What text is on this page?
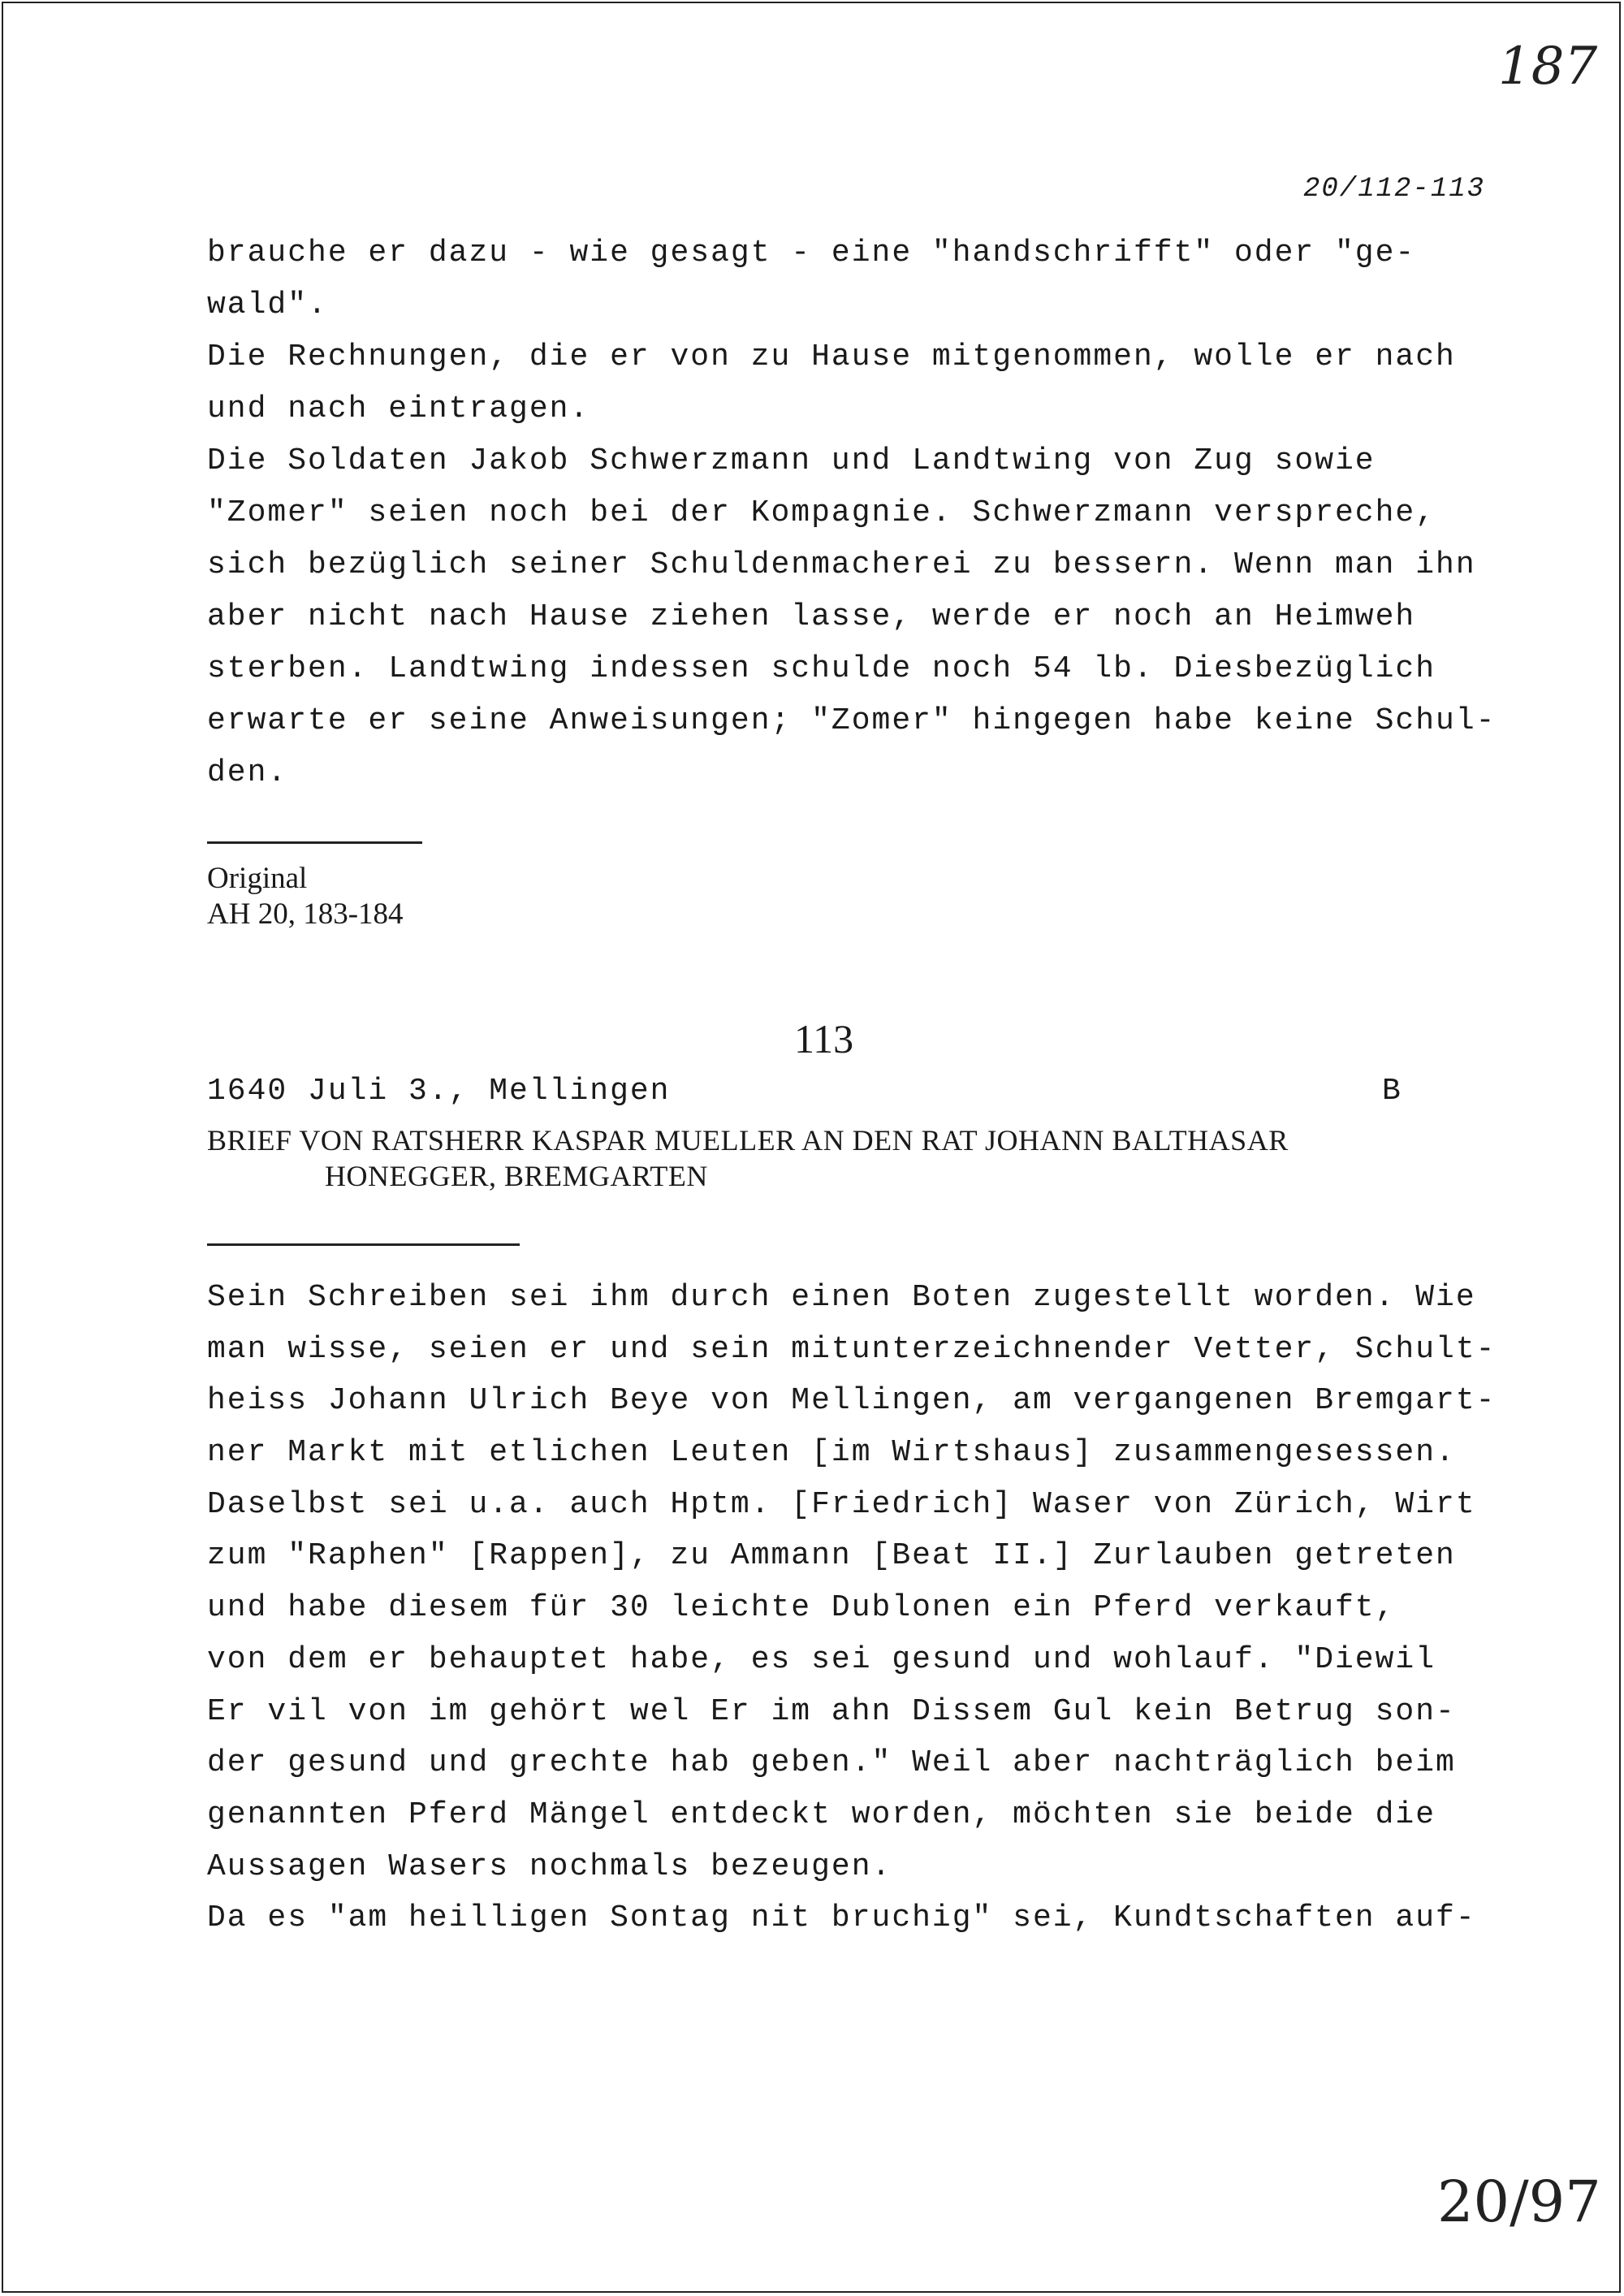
187
20/112-113
brauche er dazu - wie gesagt - eine "handschrifft" oder "ge-
wald".
Die Rechnungen, die er von zu Hause mitgenommen, wolle er nach
und nach eintragen.
Die Soldaten Jakob Schwerzmann und Landtwing von Zug sowie
"Zomer" seien noch bei der Kompagnie. Schwerzmann verspreche,
sich bezüglich seiner Schuldenmacherei zu bessern. Wenn man ihn
aber nicht nach Hause ziehen lasse, werde er noch an Heimweh
sterben. Landtwing indessen schulde noch 54 lb. Diesbezüglich
erwarte er seine Anweisungen; "Zomer" hingegen habe keine Schul-
den.
Original
AH 20, 183-184
113
1640 Juli 3., Mellingen	B
BRIEF VON RATSHERR KASPAR MUELLER AN DEN RAT JOHANN BALTHASAR
HONEGGER, BREMGARTEN
Sein Schreiben sei ihm durch einen Boten zugestellt worden. Wie
man wisse, seien er und sein mitunterzeichnender Vetter, Schult-
heiss Johann Ulrich Beye von Mellingen, am vergangenen Bremgart-
ner Markt mit etlichen Leuten [im Wirtshaus] zusammengesessen.
Daselbst sei u.a. auch Hptm. [Friedrich] Waser von Zürich, Wirt
zum "Raphen" [Rappen], zu Ammann [Beat II.] Zurlauben getreten
und habe diesem für 30 leichte Dublonen ein Pferd verkauft,
von dem er behauptet habe, es sei gesund und wohlauf. "Diewil
Er vil von im gehört wel Er im ahn Dissem Gul kein Betrug son-
der gesund und grechte hab geben." Weil aber nachträglich beim
genannten Pferd Mängel entdeckt worden, möchten sie beide die
Aussagen Wasers nochmals bezeugen.
Da es "am heilligen Sontag nit bruchig" sei, Kundtschaften auf-
20/97
